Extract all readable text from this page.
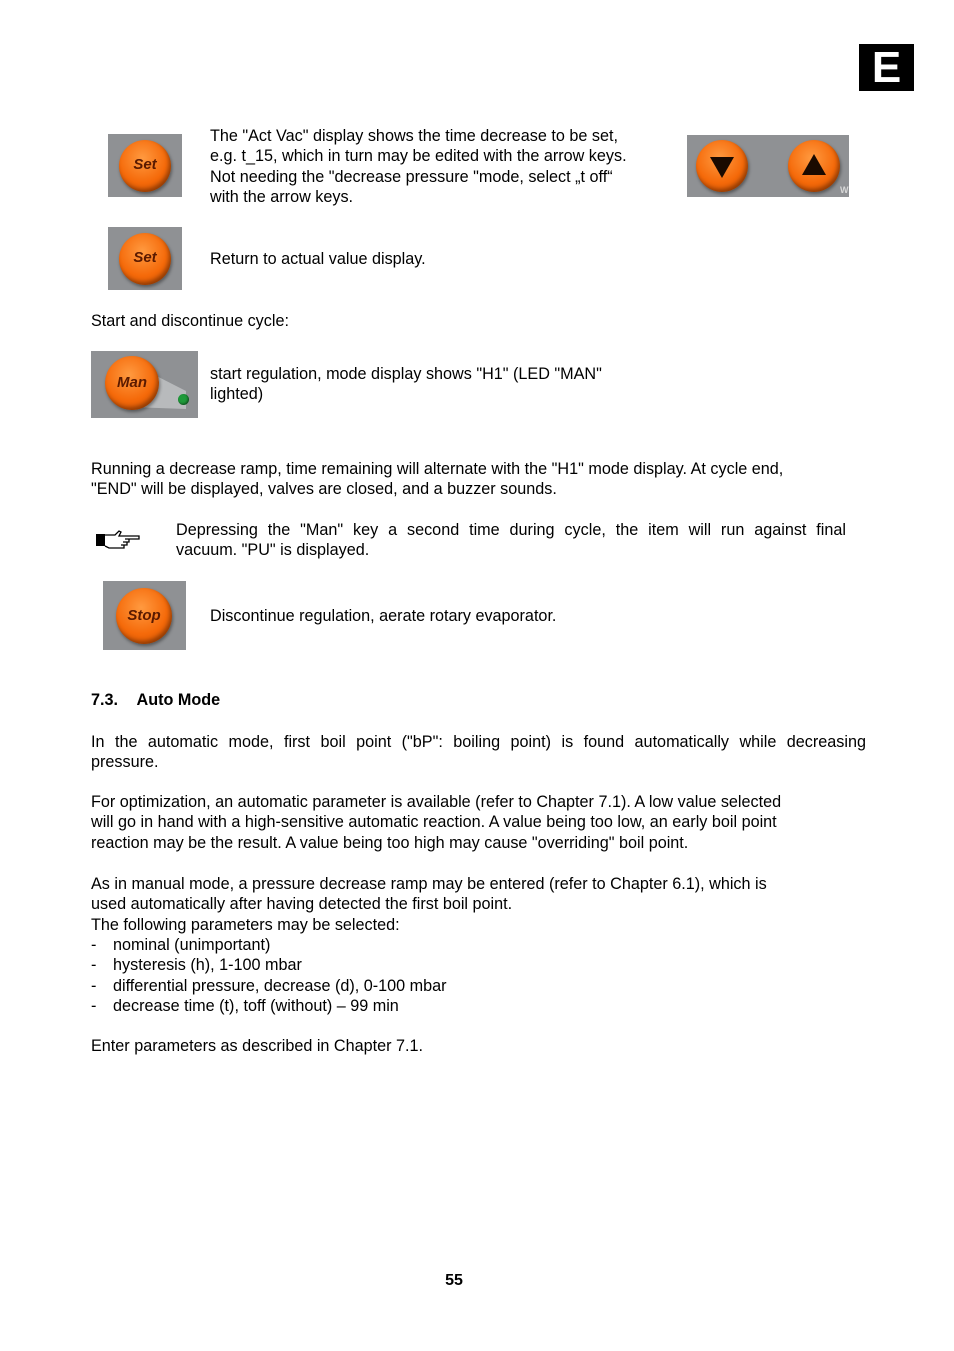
E
Set
The "Act Vac" display shows the time decrease to be set,
e.g. t_15, which in turn may be edited with the arrow keys.
Not needing the "decrease pressure "mode, select „t off“
with the arrow keys.	W
Set	Return to actual value display.
Start and discontinue cycle:
Man	start regulation, mode display shows "H1" (LED "MAN"
lighted)
Running a decrease ramp, time remaining will alternate with the "H1" mode display. At cycle end,
"END" will be displayed, valves are closed, and a buzzer sounds.
Depressing the "Man" key a second time during cycle, the item will run against final
vacuum. "PU" is displayed.
Stop	Discontinue regulation, aerate rotary evaporator.
7.3. Auto Mode
In the automatic mode, first boil point ("bP": boiling point) is found automatically while decreasing
pressure.
For optimization, an automatic parameter is available (refer to Chapter 7.1). A low value selected
will go in hand with a high-sensitive automatic reaction. A value being too low, an early boil point
reaction may be the result. A value being too high may cause "overriding" boil point.
As in manual mode, a pressure decrease ramp may be entered (refer to Chapter 6.1), which is
used automatically after having detected the first boil point.
The following parameters may be selected:
- nominal (unimportant)
- hysteresis (h), 1-100 mbar
- differential pressure, decrease (d), 0-100 mbar
- decrease time (t), toff (without) – 99 min
Enter parameters as described in Chapter 7.1.
55
